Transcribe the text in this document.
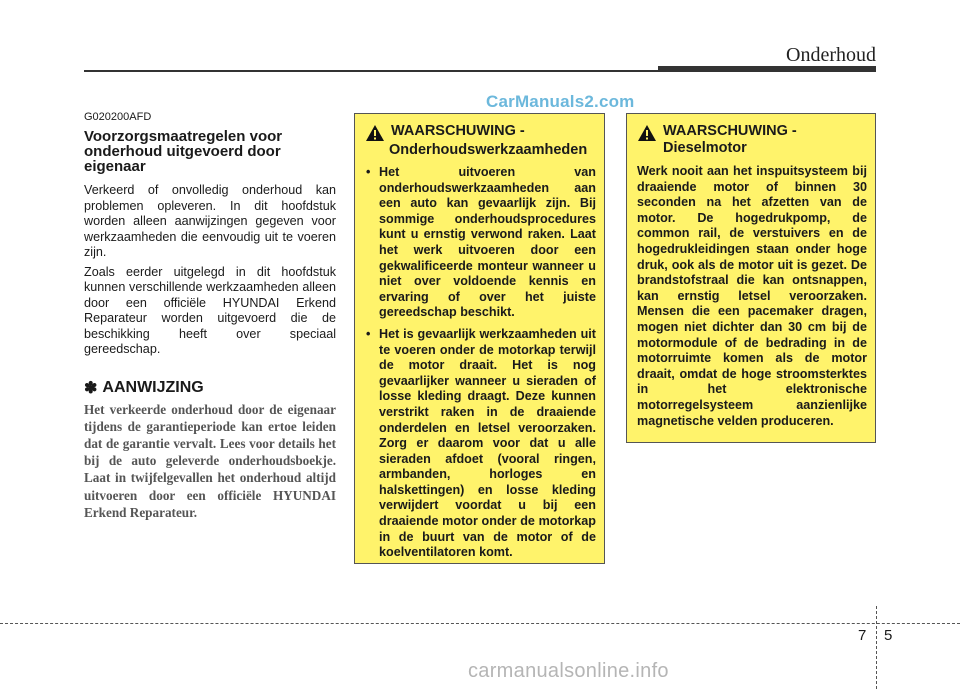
Onderhoud
CarManuals2.com

G020200AFD

Voorzorgsmaatregelen voor onderhoud uitgevoerd door eigenaar

Verkeerd of onvolledig onderhoud kan problemen opleveren. In dit hoofdstuk worden alleen aanwijzingen gegeven voor werkzaamheden die eenvoudig uit te voeren zijn.

Zoals eerder uitgelegd in dit hoofdstuk kunnen verschillende werkzaamheden alleen door een officiële HYUNDAI Erkend Reparateur worden uitgevoerd die de beschikking heeft over speciaal gereedschap.

✽ AANWIJZING

Het verkeerde onderhoud door de eigenaar tijdens de garantieperiode kan ertoe leiden dat de garantie vervalt. Lees voor details het bij de auto geleverde onderhoudsboekje. Laat in twijfelgevallen het onderhoud altijd uitvoeren door een officiële HYUNDAI Erkend Reparateur.

WAARSCHUWING -
Onderhoudswerkzaamheden
• Het uitvoeren van onderhoudswerkzaamheden aan een auto kan gevaarlijk zijn. Bij sommige onderhoudsprocedures kunt u ernstig verwond raken. Laat het werk uitvoeren door een gekwalificeerde monteur wanneer u niet over voldoende kennis en ervaring of over het juiste gereedschap beschikt.
• Het is gevaarlijk werkzaamheden uit te voeren onder de motorkap terwijl de motor draait. Het is nog gevaarlijker wanneer u sieraden of losse kleding draagt. Deze kunnen verstrikt raken in de draaiende onderdelen en letsel veroorzaken. Zorg er daarom voor dat u alle sieraden afdoet (vooral ringen, armbanden, horloges en halskettingen) en losse kleding verwijdert voordat u bij een draaiende motor onder de motorkap in de buurt van de motor of de koelventilatoren komt.
WAARSCHUWING -
Dieselmotor

Werk nooit aan het inspuitsysteem bij draaiende motor of binnen 30 seconden na het afzetten van de motor. De hogedrukpomp, de common rail, de verstuivers en de hogedrukleidingen staan onder hoge druk, ook als de motor uit is gezet. De brandstofstraal die kan ontsnappen, kan ernstig letsel veroorzaken. Mensen die een pacemaker dragen, mogen niet dichter dan 30 cm bij de motormodule of de bedrading in de motorruimte komen als de motor draait, omdat de hoge stroomsterktes in het elektronische motorregelsysteem aanzienlijke magnetische velden produceren.

7 5
carmanualsonline.info
